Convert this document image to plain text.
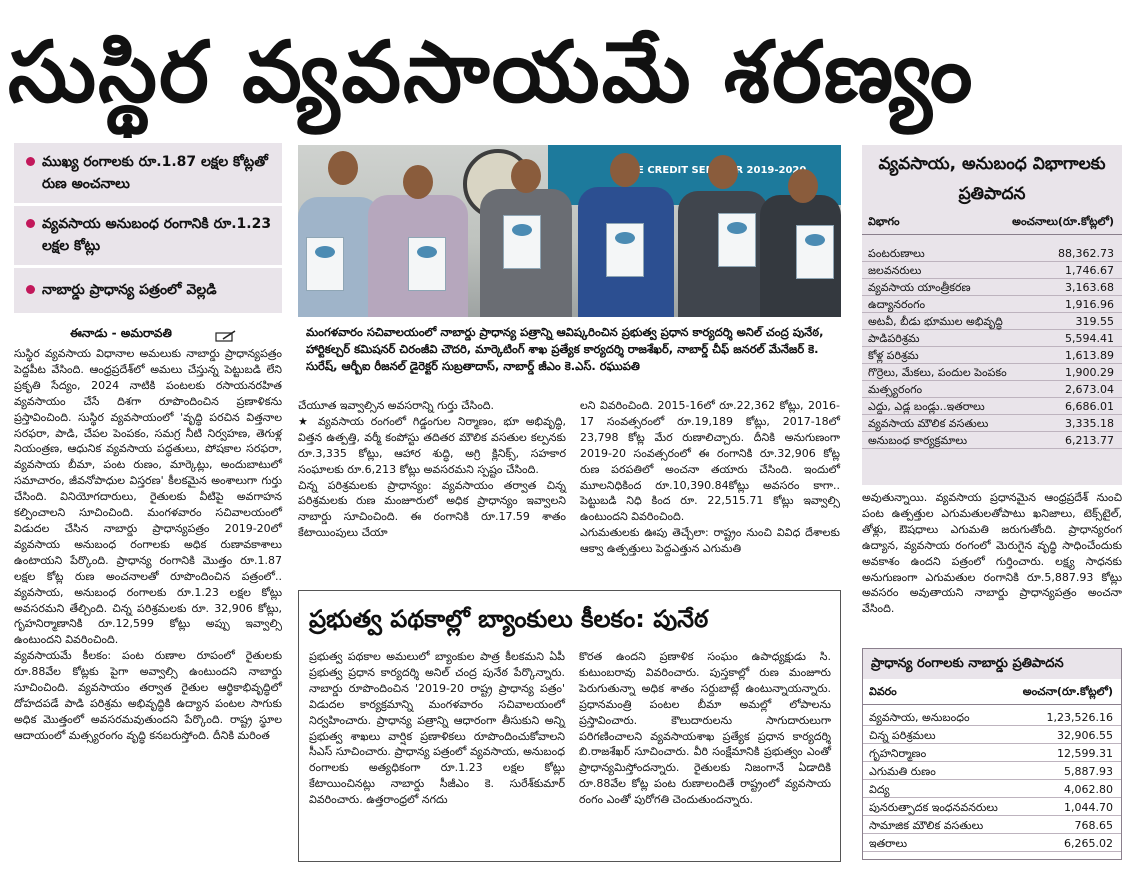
సుస్థిర వ్యవసాయమే శరణ్యం
ముఖ్య రంగాలకు రూ.1.87 లక్షల కోట్లతో రుణ అంచనాలు
వ్యవసాయ అనుబంధ రంగానికి రూ.1.23 లక్షల కోట్లు
నాబార్డు ప్రాధాన్య పత్రంలో వెల్లడి
ఈనాడు - అమరావతి
CREDIT 2019-2020
మంగళవారం సచివాలయంలో నాబార్డు ప్రాధాన్య పత్రాన్ని ఆవిష్కరించిన ప్రభుత్వ ప్రధాన కార్యదర్శి అనిల్ చంద్ర పునేఠ, హార్టికల్చర్ కమిషనర్ చిరంజీవి చౌదరి, మార్కెటింగ్ శాఖ ప్రత్యేక కార్యదర్శి రాజశేఖర్, నాబార్డ్ చీఫ్ జనరల్ మేనేజర్ కె. సురేష్, ఆర్బీఐ రీజనల్ డైరెక్టర్ సుబ్రతాదాస్, నాబార్డ్ జీఎం కె.ఎస్. రఘుపతి

సుస్థిర వ్యవసాయ విధానాల అమలుకు నాబార్డు ప్రాధాన్యపత్రం పెద్దపీట వేసింది. ఆంధ్రప్రదేశ్‌లో అమలు చేస్తున్న పెట్టుబడి లేని ప్రకృతి సేద్యం, 2024 నాటికి పంటలకు రసాయనరహిత వ్యవసాయం చేసే దిశగా రూపొందించిన ప్రణాళికను ప్రస్తావించింది. సుస్థిర వ్యవసాయంలో 'వృద్ధి పరచిన విత్తనాల సరఫరా, పాడి, చేపల పెంపకం, సమగ్ర నీటి నిర్వహణ, తెగుళ్ల నియంత్రణ, ఆధునిక వ్యవసాయ పద్ధతులు, పోషకాల సరఫరా, వ్యవసాయ బీమా, పంట రుణం, మార్కెట్లు, అందుబాటులో సమాచారం, జీవనోపాధుల విస్తరణ' కీలకమైన అంశాలుగా గుర్తు చేసింది. వినియోగదారులు, రైతులకు వీటిపై అవగాహన కల్పించాలని సూచించింది. మంగళవారం సచివాలయంలో విడుదల చేసిన నాబార్డు ప్రాధాన్యపత్రం 2019-20లో వ్యవసాయ అనుబంధ రంగాలకు అధిక రుణావకాశాలు ఉంటాయని పేర్కొంది. ప్రాధాన్య రంగానికి మొత్తం రూ.1.87 లక్షల కోట్ల రుణ అంచనాలతో రూపొందించిన పత్రంలో.. వ్యవసాయ, అనుబంధ రంగాలకు రూ.1.23 లక్షల కోట్లు అవసరమని తేల్చింది. చిన్న పరిశ్రమలకు రూ. 32,906 కోట్లు, గృహనిర్మాణానికి రూ.12,599 కోట్లు అప్పు ఇవ్వాల్సి ఉంటుందని వివరించింది.

వ్యవసాయమే కీలకం: పంట రుణాల రూపంలో రైతులకు రూ.88వేల కోట్లకు పైగా అవ్వాల్సి ఉంటుందని నాబార్డు సూచించింది. వ్యవసాయం తర్వాత రైతుల ఆర్థికాభివృద్ధిలో దోహదపడే పాడి పరిశ్రమ అభివృద్ధికి ఉద్యాన పంటల సాగుకు అధిక మొత్తంలో అవసరమవుతుందని పేర్కొంది. రాష్ట్ర స్థూల ఆదాయంలో మత్స్యరంగం వృద్ధి కనబరుస్తోంది. దీనికి మరింత

చేయూత ఇవ్వాల్సిన అవసరాన్ని గుర్తు చేసింది.

★ వ్యవసాయ రంగంలో గిడ్డంగుల నిర్మాణం, భూ అభివృద్ధి, విత్తన ఉత్పత్తి, వర్మీ కంపోస్టు తదితర మౌలిక వసతుల కల్పనకు రూ.3,335 కోట్లు, ఆహార శుద్ధి, అగ్రి క్లినిక్స్, సహకార సంఘాలకు రూ.6,213 కోట్లు అవసరమని స్పష్టం చేసింది.

చిన్న పరిశ్రమలకు ప్రాధాన్యం: వ్యవసాయం తర్వాత చిన్న పరిశ్రమలకు రుణ మంజూరులో అధిక ప్రాధాన్యం ఇవ్వాలని నాబార్డు సూచించింది. ఈ రంగానికి రూ.17.59 శాతం కేటాయింపులు చేయా

లని వివరించింది. 2015-16లో రూ.22,362 కోట్లు, 2016-17 సంవత్సరంలో రూ.19,189 కోట్లు, 2017-18లో 23,798 కోట్ల మేర రుణాలిచ్చారు. దీనికి అనుగుణంగా 2019-20 సంవత్సరంలో ఈ రంగానికి రూ.32,906 కోట్ల రుణ పరపతిలో అంచనా తయారు చేసింది. ఇందులో మూలనిధికింద రూ.10,390.84కోట్లు అవసరం కాగా.. పెట్టుబడి నిధి కింద రూ. 22,515.71 కోట్లు ఇవ్వాల్సి ఉంటుందని వివరించింది.

ఎగుమతులకు ఊపు తెచ్చేలా: రాష్ట్రం నుంచి వివిధ దేశాలకు ఆక్వా ఉత్పత్తులు పెద్దఎత్తున ఎగుమతి

వ్యవసాయ, అనుబంధ విభాగాలకు ప్రతిపాదన
విభాగం	అంచనాలు(రూ.కోట్లలో)
పంటరుణాలు	88,362.73
జలవనరులు	1,746.67
వ్యవసాయ యాంత్రీకరణ	3,163.68
ఉద్యానరంగం	1,916.96
అటవీ, బీడు భూముల అభివృద్ధి	319.55
పాడిపరిశ్రమ	5,594.41
కోళ్ల పరిశ్రమ	1,613.89
గొర్రెలు, మేకలు, పందుల పెంపకం	1,900.29
మత్స్యరంగం	2,673.04
ఎద్దు, ఎడ్ల బండ్లు..ఇతరాలు	6,686.01
వ్యవసాయ మౌలిక వసతులు	3,335.18
అనుబంధ కార్యక్రమాలు	6,213.77

అవుతున్నాయి. వ్యవసాయ ప్రధానమైన ఆంధ్రప్రదేశ్ నుంచి పంట ఉత్పత్తుల ఎగుమతులతోపాటు ఖనిజాలు, టెక్స్‌టైల్, తోళ్లు, ఔషధాలు ఎగుమతి జరుగుతోంది. ప్రాధాన్యరంగ ఉద్యాన, వ్యవసాయ రంగంలో మెరుగైన వృద్ధి సాధించేందుకు అవకాశం ఉందని పత్రంలో గుర్తించారు. లక్ష్య సాధనకు అనుగుణంగా ఎగుమతుల రంగానికి రూ.5,887.93 కోట్లు అవసరం అవుతాయని నాబార్డు ప్రాధాన్యపత్రం అంచనా వేసింది.

ప్రాధాన్య రంగాలకు నాబార్డు ప్రతిపాదన
వివరం	అంచనా(రూ.కోట్లలో)
వ్యవసాయ, అనుబంధం	1,23,526.16
చిన్న పరిశ్రమలు	32,906.55
గృహనిర్మాణం	12,599.31
ఎగుమతి రుణం	5,887.93
విద్య	4,062.80
పునరుత్పాదక ఇంధనవనరులు	1,044.70
సామాజిక మౌలిక వసతులు	768.65
ఇతరాలు	6,265.02
ప్రభుత్వ పథకాల్లో బ్యాంకులు కీలకం: పునేఠ

ప్రభుత్వ పథకాల అమలులో బ్యాంకుల పాత్ర కీలకమని ఏపీ ప్రభుత్వ ప్రధాన కార్యదర్శి అనిల్ చంద్ర పునేఠ పేర్కొన్నారు. నాబార్డు రూపొందించిన '2019-20 రాష్ట్ర ప్రాధాన్య పత్రం' విడుదల కార్యక్రమాన్ని మంగళవారం సచివాలయంలో నిర్వహించారు. ప్రాధాన్య పత్రాన్ని ఆధారంగా తీసుకుని అన్ని ప్రభుత్వ శాఖలు వార్షిక ప్రణాళికలు రూపొందించుకోవాలని సీఎస్ సూచించారు. ప్రాధాన్య పత్రంలో వ్యవసాయ, అనుబంధ రంగాలకు అత్యధికంగా రూ.1.23 లక్షల కోట్లు కేటాయించినట్లు నాబార్డు సీజీఎం కె. సురేశ్‌కుమార్ వివరించారు. ఉత్తరాంధ్రలో నగదు

కొరత ఉందని ప్రణాళిక సంఘం ఉపాధ్యక్షుడు సి. కుటుంబరావు వివరించారు. పుస్తకాల్లో రుణ మంజూరు పెరుగుతున్నా అధిక శాతం సర్దుబాట్లే ఉంటున్నాయన్నారు. ప్రధానమంత్రి పంటల బీమా అమల్లో లోపాలను ప్రస్తావించారు. కౌలుదారులను సాగుదారులుగా పరిగణించాలని వ్యవసాయశాఖ ప్రత్యేక ప్రధాన కార్యదర్శి బి.రాజశేఖర్ సూచించారు. వీరి సంక్షేమానికి ప్రభుత్వం ఎంతో ప్రాధాన్యమిస్తోందన్నారు. రైతులకు నిజంగానే ఏడాదికి రూ.88వేల కోట్ల పంట రుణాలందితే రాష్ట్రంలో వ్యవసాయ రంగం ఎంతో పురోగతి చెందుతుందన్నారు.
